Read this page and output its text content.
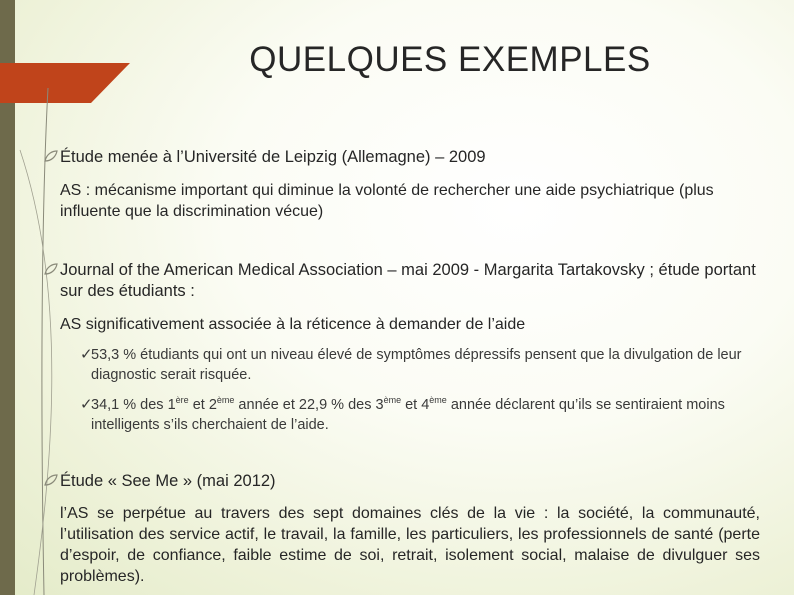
QUELQUES EXEMPLES
Étude menée à l’Université de Leipzig (Allemagne) – 2009
AS : mécanisme important qui diminue la volonté de rechercher une aide psychiatrique (plus influente que la discrimination vécue)
Journal of the American Medical Association – mai 2009 - Margarita Tartakovsky ; étude portant sur des étudiants :
AS significativement associée à la réticence à demander de l’aide
✓
53,3 % étudiants qui ont un niveau élevé de symptômes dépressifs pensent que la divulgation de leur diagnostic serait risquée.
✓
34,1 % des 1ère et 2ème année et 22,9 % des 3ème et 4ème année déclarent qu’ils se sentiraient moins intelligents s’ils cherchaient de l’aide.
Étude « See Me » (mai 2012)
l’AS se perpétue au travers des sept domaines clés de la vie : la société, la communauté, l’utilisation des service actif, le travail, la famille, les particuliers, les professionnels de santé (perte d’espoir, de confiance, faible estime de soi, retrait, isolement social, malaise de divulguer ses problèmes).
